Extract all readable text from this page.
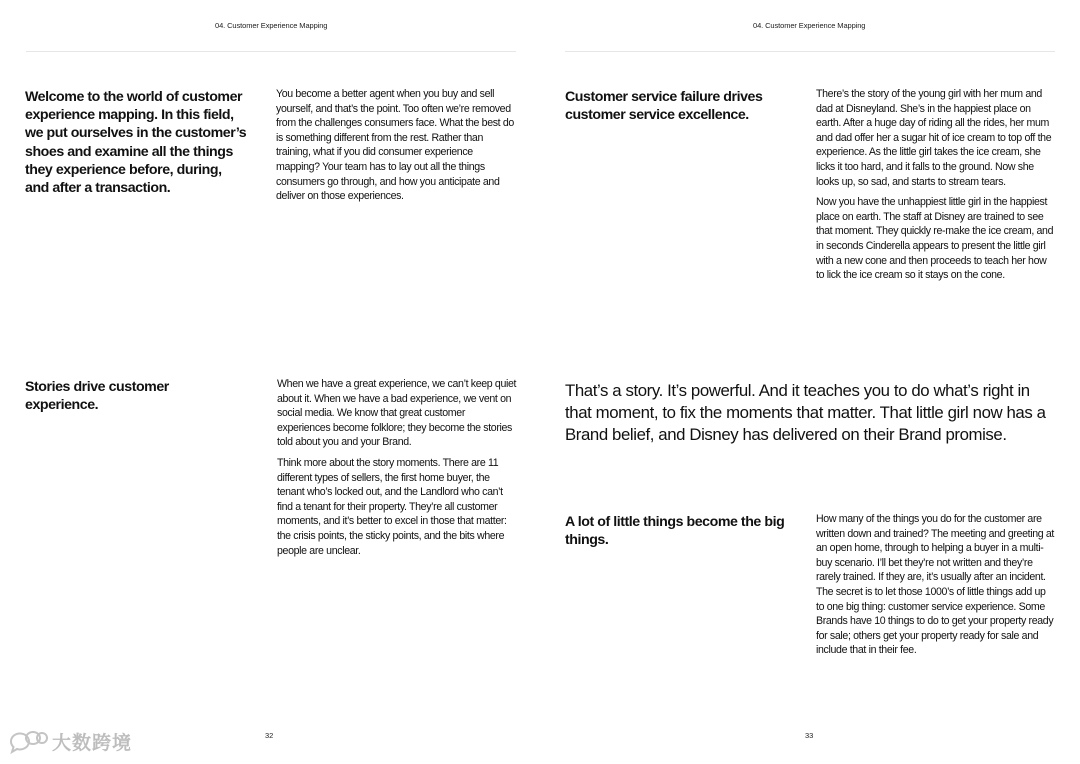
04. Customer Experience Mapping
Welcome to the world of customer experience mapping. In this field, we put ourselves in the customer’s shoes and examine all the things they experience before, during, and after a transaction.

You become a better agent when you buy and sell yourself, and that’s the point. Too often we’re removed from the challenges consumers face. What the best do is something different from the rest. Rather than training, what if you did consumer experience mapping? Your team has to lay out all the things consumers go through, and how you anticipate and deliver on those experiences.

Stories drive customer experience.

When we have a great experience, we can’t keep quiet about it. When we have a bad experience, we vent on social media. We know that great customer experiences become folklore; they become the stories told about you and your Brand.

Think more about the story moments. There are 11 different types of sellers, the first home buyer, the tenant who’s locked out, and the Landlord who can’t find a tenant for their property. They’re all customer moments, and it’s better to excel in those that matter: the crisis points, the sticky points, and the bits where people are unclear.

32
04. Customer Experience Mapping
Customer service failure drives customer service excellence.

There’s the story of the young girl with her mum and dad at Disneyland. She’s in the happiest place on earth. After a huge day of riding all the rides, her mum and dad offer her a sugar hit of ice cream to top off the experience. As the little girl takes the ice cream, she licks it too hard, and it falls to the ground. Now she looks up, so sad, and starts to stream tears.

Now you have the unhappiest little girl in the happiest place on earth. The staff at Disney are trained to see that moment. They quickly re-make the ice cream, and in seconds Cinderella appears to present the little girl with a new cone and then proceeds to teach her how to lick the ice cream so it stays on the cone.

That’s a story. It’s powerful. And it teaches you to do what’s right in that moment, to fix the moments that matter. That little girl now has a Brand belief, and Disney has delivered on their Brand promise.

A lot of little things become the big things.

How many of the things you do for the customer are written down and trained? The meeting and greeting at an open home, through to helping a buyer in a multi-buy scenario. I’ll bet they’re not written and they’re rarely trained. If they are, it’s usually after an incident. The secret is to let those 1000’s of little things add up to one big thing: customer service experience. Some Brands have 10 things to do to get your property ready for sale; others get your property ready for sale and include that in their fee.

33
大数跨境
